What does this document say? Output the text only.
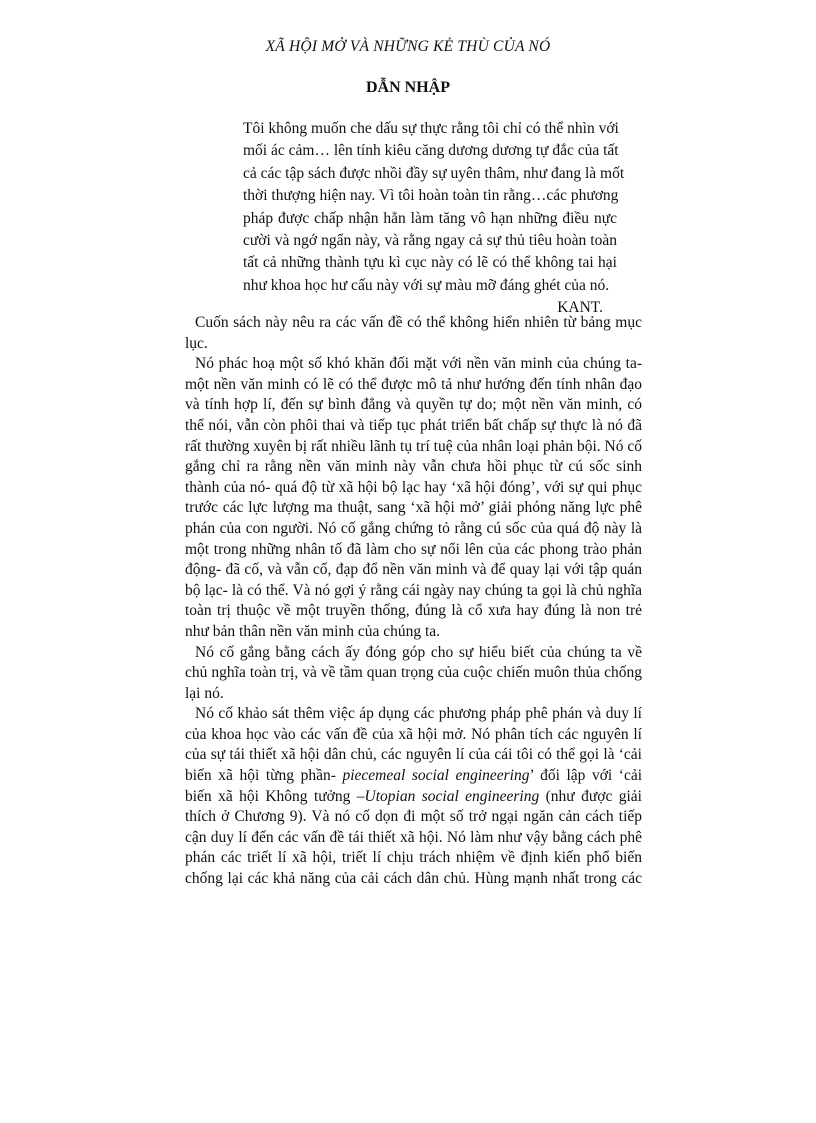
XÃ HỘI MỞ VÀ NHỮNG KẺ THÙ CỦA NÓ
DẪN NHẬP
Tôi không muốn che dấu sự thực rằng tôi chỉ có thể nhìn với
mối ác cảm… lên tính kiêu căng dương dương tự đắc của tất
cả các tập sách được nhồi đầy sự uyên thâm, như đang là mốt
thời thượng hiện nay. Vì tôi hoàn toàn tin rằng…các phương
pháp được chấp nhận hẳn làm tăng vô hạn những điều nực
cười và ngớ ngẩn này, và rằng ngay cả sự thủ tiêu hoàn toàn
tất cả những thành tựu kì cục này có lẽ có thể không tai hại
như khoa học hư cấu này với sự màu mỡ đáng ghét của nó.
KANT.
Cuốn sách này nêu ra các vấn đề có thể không hiển nhiên từ bảng mục
lục.
Nó phác hoạ một số khó khăn đối mặt với nền văn minh của chúng ta-
một nền văn minh có lẽ có thể được mô tả như hướng đến tính nhân đạo
và tính hợp lí, đến sự bình đẳng và quyền tự do; một nền văn minh, có
thể nói, vẫn còn phôi thai và tiếp tục phát triển bất chấp sự thực là nó đã
rất thường xuyên bị rất nhiều lãnh tụ trí tuệ của nhân loại phản bội. Nó cố
gắng chỉ ra rằng nền văn minh này vẫn chưa hồi phục từ cú sốc sinh
thành của nó- quá độ từ xã hội bộ lạc hay ‘xã hội đóng’, với sự qui phục
trước các lực lượng ma thuật, sang ‘xã hội mở’ giải phóng năng lực phê
phán của con người. Nó cố gắng chứng tỏ rằng cú sốc của quá độ này là
một trong những nhân tố đã làm cho sự nổi lên của các phong trào phản
động- đã cố, và vẫn cố, đạp đổ nền văn minh và để quay lại với tập quán
bộ lạc- là có thể. Và nó gợi ý rằng cái ngày nay chúng ta gọi là chủ nghĩa
toàn trị thuộc về một truyền thống, đúng là cổ xưa hay đúng là non trẻ
như bản thân nền văn minh của chúng ta.
Nó cố gắng bằng cách ấy đóng góp cho sự hiểu biết của chúng ta về
chủ nghĩa toàn trị, và về tầm quan trọng của cuộc chiến muôn thủa chống
lại nó.
Nó cố khảo sát thêm việc áp dụng các phương pháp phê phán và duy lí
của khoa học vào các vấn đề của xã hội mở. Nó phân tích các nguyên lí
của sự tái thiết xã hội dân chủ, các nguyên lí của cái tôi có thể gọi là ‘cải
biến xã hội từng phần- piecemeal social engineering’ đối lập với ‘cải
biến xã hội Không tưởng –Utopian social engineering (như được giải
thích ở Chương 9). Và nó cố dọn đi một số trở ngại ngăn cản cách tiếp
cận duy lí đến các vấn đề tái thiết xã hội. Nó làm như vậy bằng cách phê
phán các triết lí xã hội, triết lí chịu trách nhiệm về định kiến phổ biến
chống lại các khả năng của cải cách dân chủ. Hùng mạnh nhất trong các
